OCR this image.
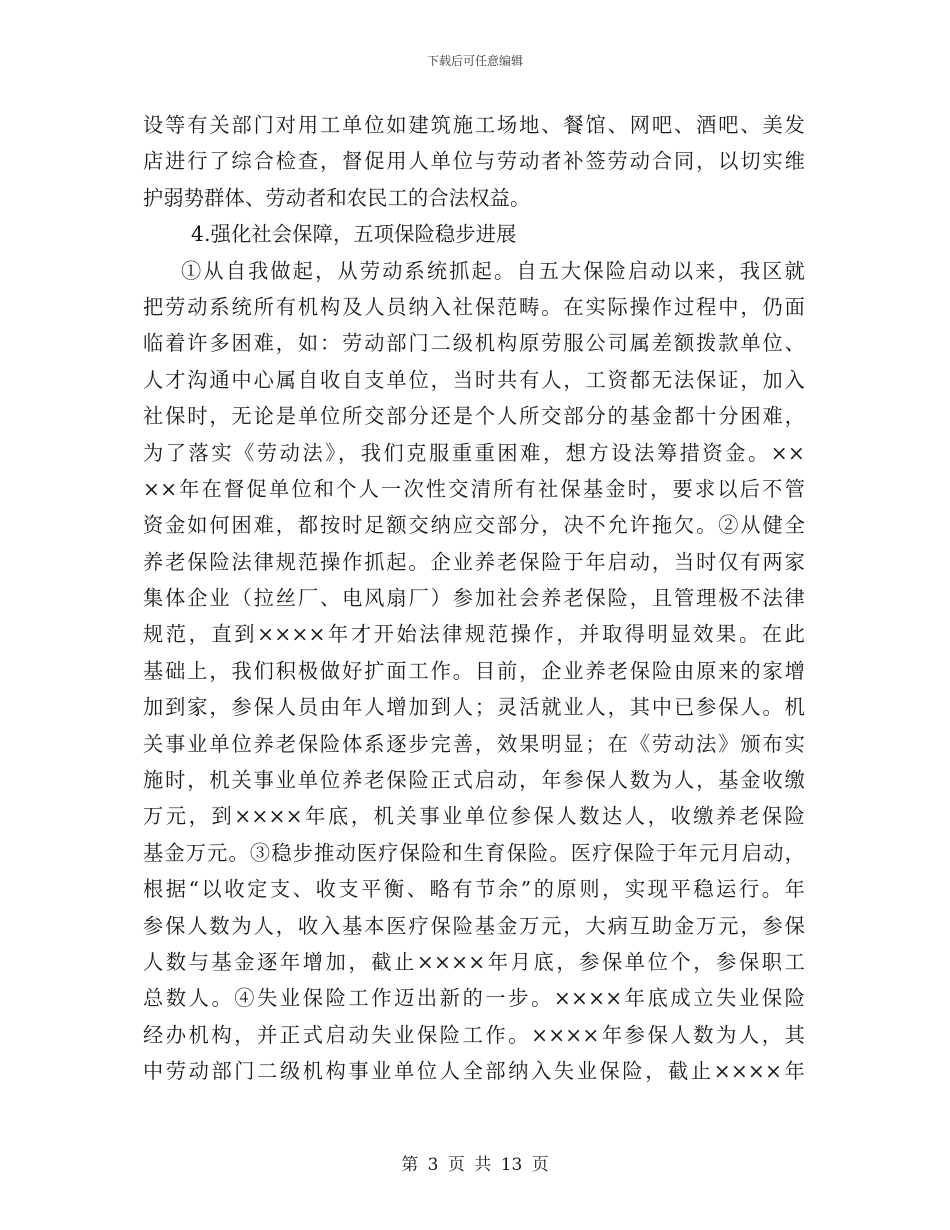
下载后可任意编辑
设等有关部门对用工单位如建筑施工场地、餐馆、网吧、酒吧、美发
店进行了综合检查，督促用人单位与劳动者补签劳动合同，以切实维
护弱势群体、劳动者和农民工的合法权益。
4.强化社会保障，五项保险稳步进展
①从自我做起，从劳动系统抓起。自五大保险启动以来，我区就
把劳动系统所有机构及人员纳入社保范畴。在实际操作过程中，仍面
临着许多困难，如：劳动部门二级机构原劳服公司属差额拨款单位、
人才沟通中心属自收自支单位，当时共有人，工资都无法保证，加入
社保时，无论是单位所交部分还是个人所交部分的基金都十分困难，
为了落实《劳动法》，我们克服重重困难，想方设法筹措资金。××
××年在督促单位和个人一次性交清所有社保基金时，要求以后不管
资金如何困难，都按时足额交纳应交部分，决不允许拖欠。②从健全
养老保险法律规范操作抓起。企业养老保险于年启动，当时仅有两家
集体企业（拉丝厂、电风扇厂）参加社会养老保险，且管理极不法律
规范，直到××××年才开始法律规范操作，并取得明显效果。在此
基础上，我们积极做好扩面工作。目前，企业养老保险由原来的家增
加到家，参保人员由年人增加到人；灵活就业人，其中已参保人。机
关事业单位养老保险体系逐步完善，效果明显；在《劳动法》颁布实
施时，机关事业单位养老保险正式启动，年参保人数为人，基金收缴
万元，到××××年底，机关事业单位参保人数达人，收缴养老保险
基金万元。③稳步推动医疗保险和生育保险。医疗保险于年元月启动，
根据“以收定支、收支平衡、略有节余”的原则，实现平稳运行。年
参保人数为人，收入基本医疗保险基金万元，大病互助金万元，参保
人数与基金逐年增加，截止××××年月底，参保单位个，参保职工
总数人。④失业保险工作迈出新的一步。××××年底成立失业保险
经办机构，并正式启动失业保险工作。××××年参保人数为人，其
中劳动部门二级机构事业单位人全部纳入失业保险，截止××××年
第 3 页 共 13 页
